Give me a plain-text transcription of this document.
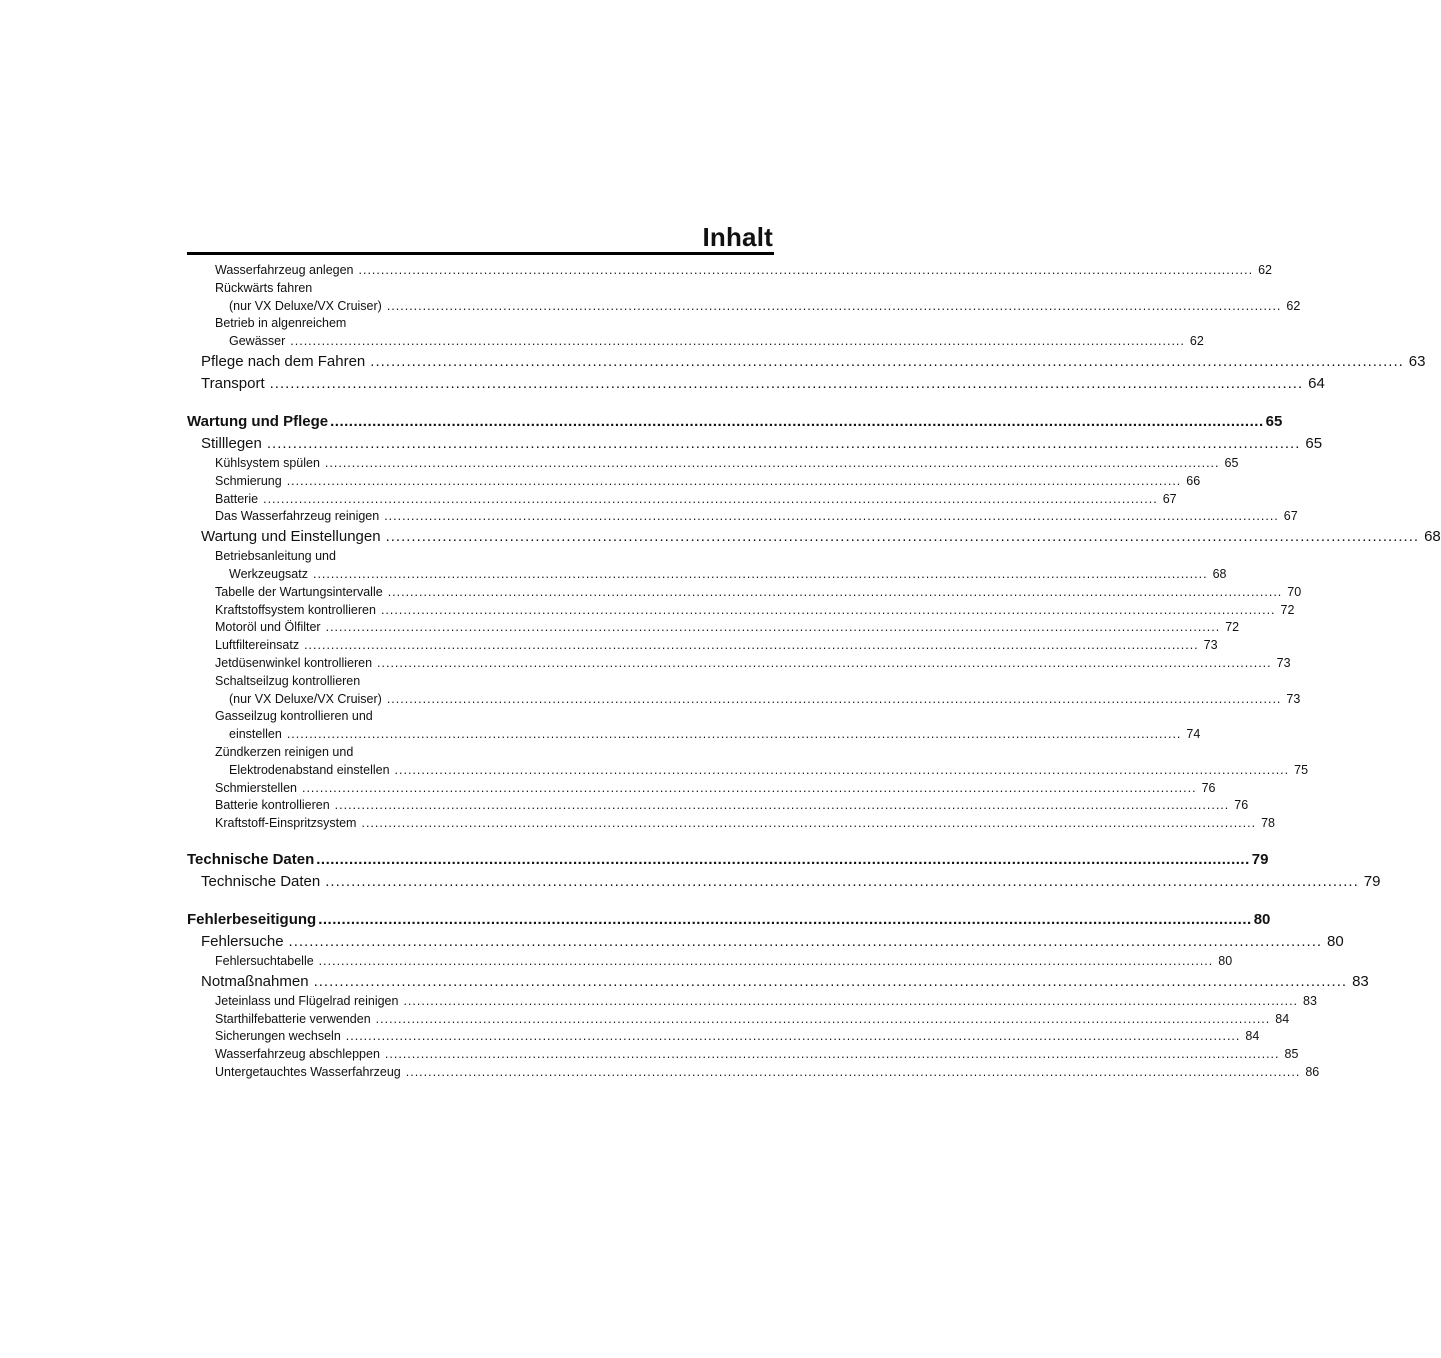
Inhalt
Wasserfahrzeug anlegen ........................................................................................................................................................................................................ 62
Rückwärts fahren
(nur VX Deluxe/VX Cruiser) ........................................................................................................................................................................................................ 62
Betrieb in algenreichem
Gewässer ........................................................................................................................................................................................................ 62
Pflege nach dem Fahren ........................................................................................................................................................................................................ 63
Transport ........................................................................................................................................................................................................ 64
Wartung und Pflege ........................................................................................................................................................................................................ 65
Stilllegen ........................................................................................................................................................................................................ 65
Kühlsystem spülen ........................................................................................................................................................................................................ 65
Schmierung ........................................................................................................................................................................................................ 66
Batterie ........................................................................................................................................................................................................ 67
Das Wasserfahrzeug reinigen ........................................................................................................................................................................................................ 67
Wartung und Einstellungen ........................................................................................................................................................................................................ 68
Betriebsanleitung und
Werkzeugsatz ........................................................................................................................................................................................................ 68
Tabelle der Wartungsintervalle ........................................................................................................................................................................................................ 70
Kraftstoffsystem kontrollieren ........................................................................................................................................................................................................ 72
Motoröl und Ölfilter ........................................................................................................................................................................................................ 72
Luftfiltereinsatz ........................................................................................................................................................................................................ 73
Jetdüsenwinkel kontrollieren ........................................................................................................................................................................................................ 73
Schaltseilzug kontrollieren
(nur VX Deluxe/VX Cruiser) ........................................................................................................................................................................................................ 73
Gasseilzug kontrollieren und
einstellen ........................................................................................................................................................................................................ 74
Zündkerzen reinigen und
Elektrodenabstand einstellen ........................................................................................................................................................................................................ 75
Schmierstellen ........................................................................................................................................................................................................ 76
Batterie kontrollieren ........................................................................................................................................................................................................ 76
Kraftstoff-Einspritzsystem ........................................................................................................................................................................................................ 78
Technische Daten ........................................................................................................................................................................................................ 79
Technische Daten ........................................................................................................................................................................................................ 79
Fehlerbeseitigung ........................................................................................................................................................................................................ 80
Fehlersuche ........................................................................................................................................................................................................ 80
Fehlersuchtabelle ........................................................................................................................................................................................................ 80
Notmaßnahmen ........................................................................................................................................................................................................ 83
Jeteinlass und Flügelrad reinigen ........................................................................................................................................................................................................ 83
Starthilfebatterie verwenden ........................................................................................................................................................................................................ 84
Sicherungen wechseln ........................................................................................................................................................................................................ 84
Wasserfahrzeug abschleppen ........................................................................................................................................................................................................ 85
Untergetauchtes Wasserfahrzeug ........................................................................................................................................................................................................ 86
